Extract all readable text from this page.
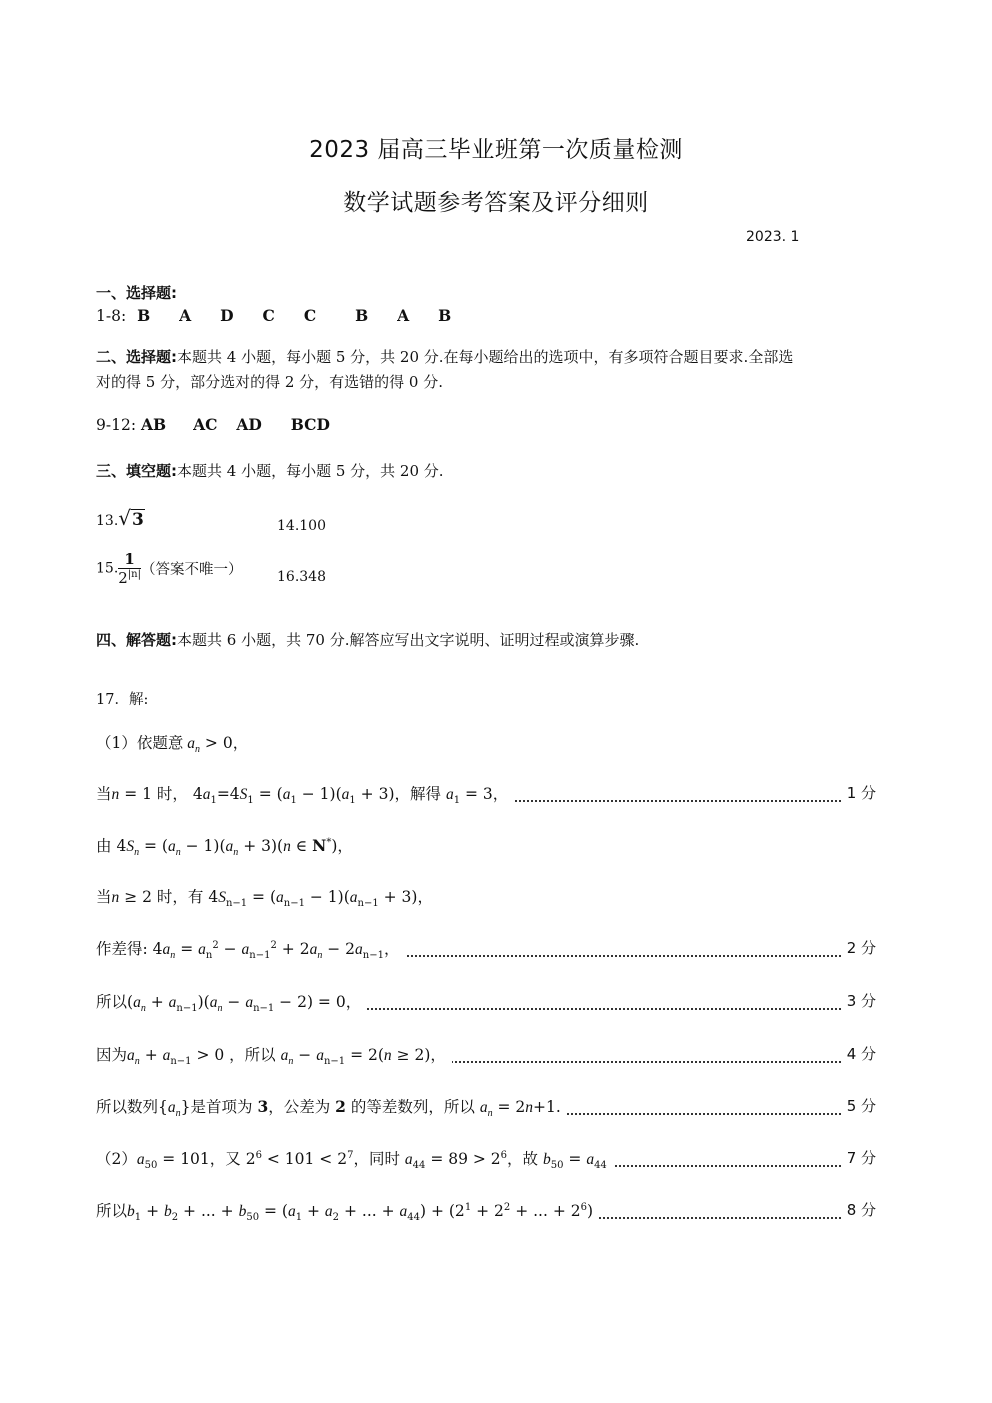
2023 届高三毕业班第一次质量检测
数学试题参考答案及评分细则
2023. 1
一、选择题:
1-8: B A D C C	B A B
二、选择题:本题共 4 小题，每小题 5 分，共 20 分.在每小题给出的选项中，有多项符合题目要求.全部选
对的得 5 分，部分选对的得 2 分，有选错的得 0 分.
9-12: AB AC AD BCD
三、填空题:本题共 4 小题，每小题 5 分，共 20 分.
13.√3	14.100
15. $\frac{1}{2^{|n|}}$ （答案不唯一） 16.348
四、解答题:本题共 6 小题，共 70 分.解答应写出文字说明、证明过程或演算步骤.
17．解:
（1）依题意 $a_n > 0$，
当n = 1 时， $4a_1=4S_1 = (a_1 - 1)(a_1 + 3)$，解得 $a_1 = 3$，	1 分
由 $4S_n = (a_n - 1)(a_n + 3)(n$ ∈ N*)，
当n ≥ 2 时，有 $4S_{n-1} = (a_{n-1} - 1)(a_{n-1} + 3)$，
作差得: $4a_n = a_n^2 - a_{n-1}^2 + 2a_n - 2a_{n-1}$，	2 分
所以$(a_n + a_{n-1})(a_n - a_{n-1} - 2) = 0$，	3 分
因为$a_n + a_{n-1} > 0$ ，所以 $a_n - a_{n-1} = 2(n \ge 2)$，	4 分
所以数列$\{a_n\}$是首项为 3，公差为 2 的等差数列，所以 $a_n = 2n+1$.	5 分
$(2)a_{50} = 101$，又 $2^6 < 101 < 2^7$，同时 $a_{44} = 89 > 2^6$，故 $b_{50} = a_{44}$	7 分
所以$b_1 + b_2$ + ... + $b_{50} = (a_1 + a_2$ + ... + $a_{44}) + (2^1 + 2^2$ + ... + $2^6$)	8 分
